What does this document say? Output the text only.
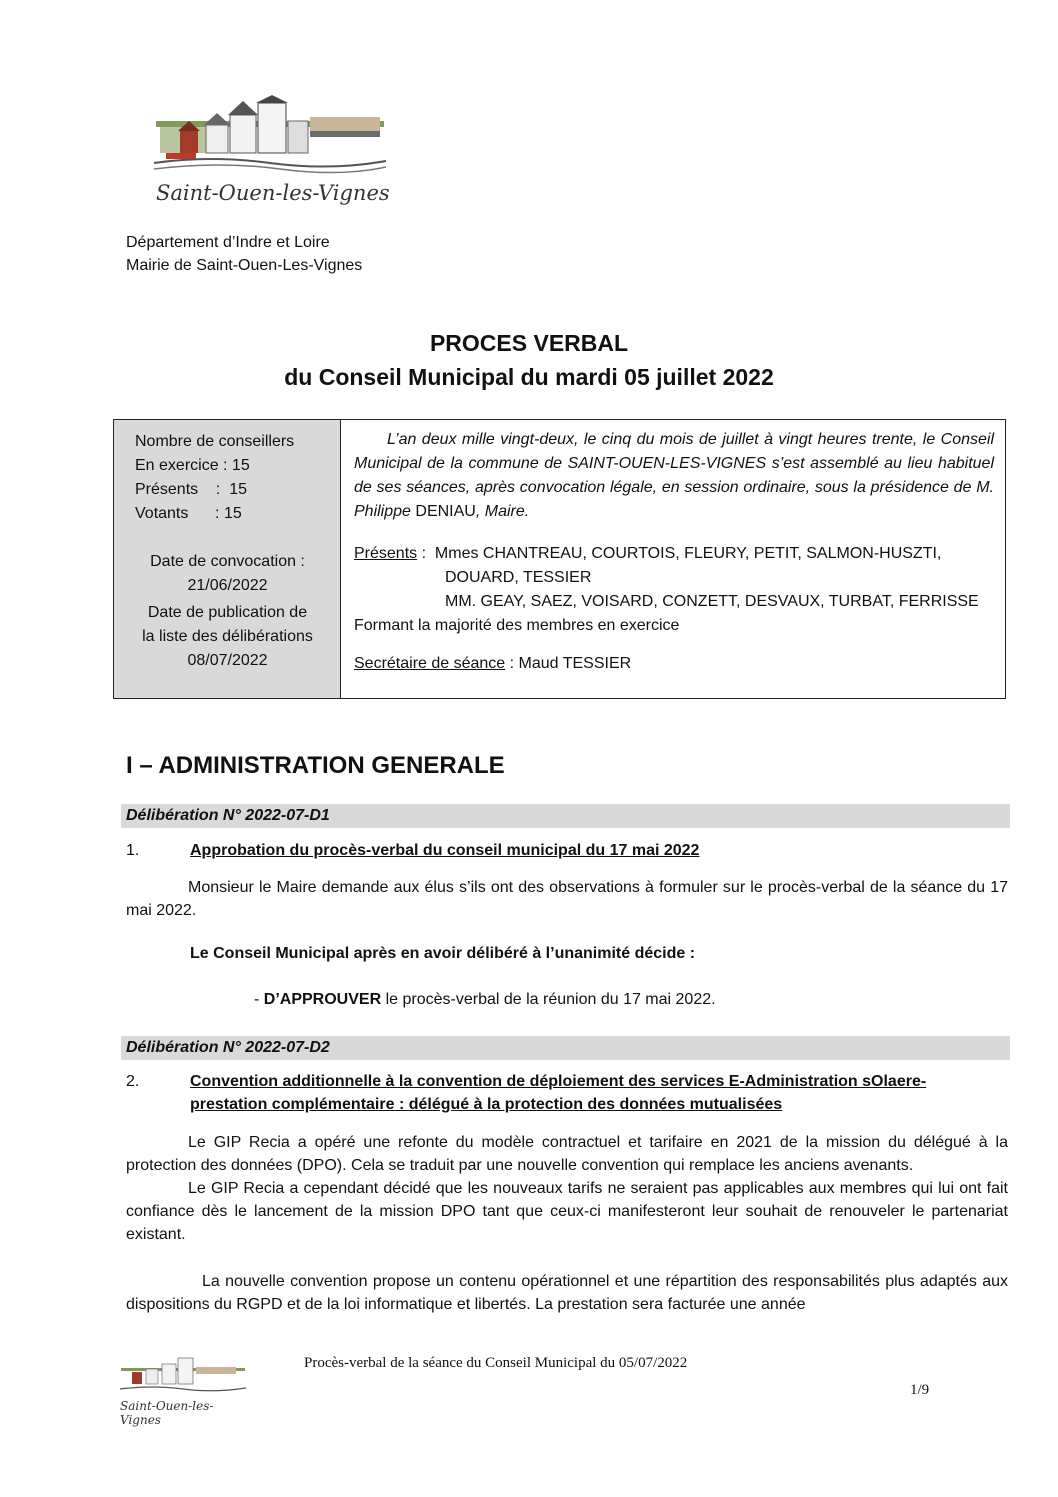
Saint-Ouen-les-Vignes
Département d’Indre et Loire
Mairie de Saint-Ouen-Les-Vignes
PROCES VERBAL
du Conseil Municipal du mardi 05 juillet 2022
Nombre de conseillers
En exercice : 15
Présents    :  15
Votants      : 15
Date de convocation :
21/06/2022
Date de publication de
la liste des délibérations
08/07/2022
L’an deux mille vingt-deux, le cinq du mois de juillet à vingt heures trente, le Conseil Municipal de la commune de SAINT-OUEN-LES-VIGNES s’est assemblé au lieu habituel de ses séances, après convocation légale, en session ordinaire, sous la présidence de M. Philippe DENIAU, Maire.
Présents :  Mmes CHANTREAU, COURTOIS, FLEURY, PETIT, SALMON-HUSZTI,
DOUARD, TESSIER
MM. GEAY, SAEZ, VOISARD, CONZETT, DESVAUX, TURBAT, FERRISSE
Formant la majorité des membres en exercice
Secrétaire de séance : Maud TESSIER
I – ADMINISTRATION GENERALE
Délibération N° 2022-07-D1
1.	Approbation du procès-verbal du conseil municipal du 17 mai 2022
Monsieur le Maire demande aux élus s’ils ont des observations à formuler sur le procès-verbal de la séance du 17 mai 2022.
Le Conseil Municipal après en avoir délibéré à l’unanimité décide :
- D’APPROUVER le procès-verbal de la réunion du 17 mai 2022.
Délibération N° 2022-07-D2
2.	Convention additionnelle à la convention de déploiement des services E-Administration sOlaere-
prestation complémentaire : délégué à la protection des données mutualisées
Le GIP Recia a opéré une refonte du modèle contractuel et tarifaire en 2021 de la mission du délégué à la protection des données (DPO). Cela se traduit par une nouvelle convention qui remplace les anciens avenants.
Le GIP Recia a cependant décidé que les nouveaux tarifs ne seraient pas applicables aux membres qui lui ont fait confiance dès le lancement de la mission DPO tant que ceux-ci manifesteront leur souhait de renouveler le partenariat existant.
La nouvelle convention propose un contenu opérationnel et une répartition des responsabilités plus adaptés aux dispositions du RGPD et de la loi informatique et libertés. La prestation sera facturée une année
Saint-Ouen-les-Vignes
Procès-verbal de la séance du Conseil Municipal du 05/07/2022
1/9
